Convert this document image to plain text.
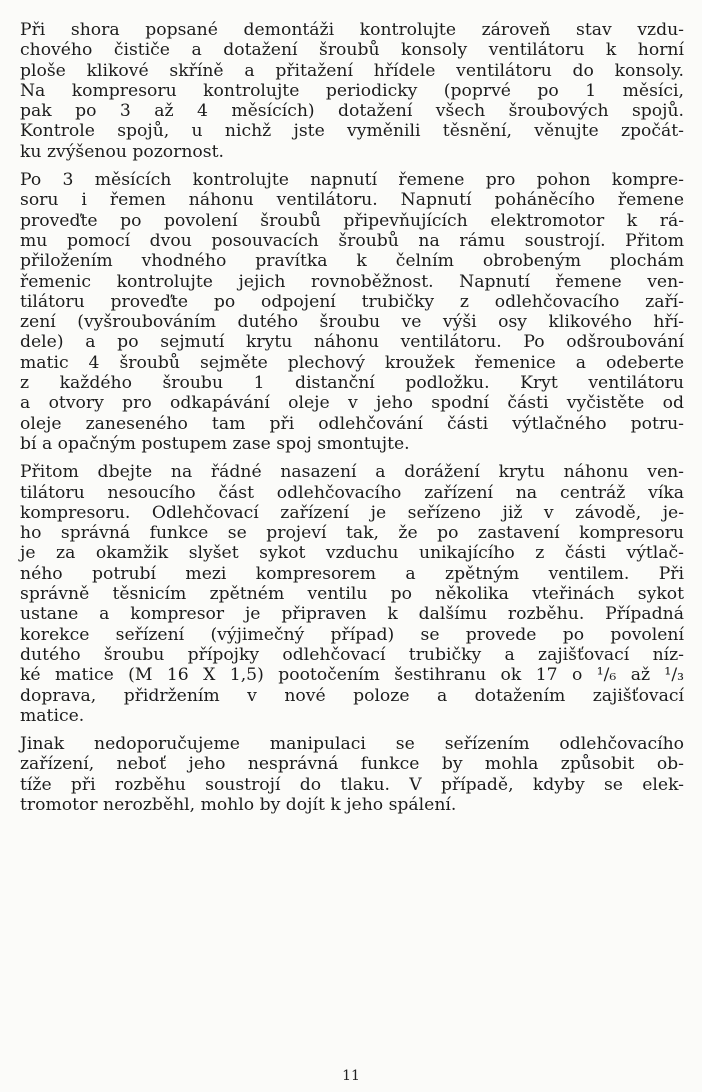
Při shora popsané demontáži kontrolujte zároveň stav vzdu-
chového čističe a dotažení šroubů konsoly ventilátoru k horní
ploše klikové skříně a přitažení hřídele ventilátoru do konsoly.
Na kompresoru kontrolujte periodicky (poprvé po 1 měsíci,
pak po 3 až 4 měsících) dotažení všech šroubových spojů.
Kontrole spojů, u nichž jste vyměnili těsnění, věnujte zpočát-
ku zvýšenou pozornost.
Po 3 měsících kontrolujte napnutí řemene pro pohon kompre-
soru i řemen náhonu ventilátoru. Napnutí poháněcího řemene
proveďte po povolení šroubů připevňujících elektromotor k rá-
mu pomocí dvou posouvacích šroubů na rámu soustrojí. Přitom
přiložením vhodného pravítka k čelním obrobeným plochám
řemenic kontrolujte jejich rovnoběžnost. Napnutí řemene ven-
tilátoru proveďte po odpojení trubičky z odlehčovacího zaří-
zení (vyšroubováním dutého šroubu ve výši osy klikového hří-
dele) a po sejmutí krytu náhonu ventilátoru. Po odšroubování
matic 4 šroubů sejměte plechový kroužek řemenice a odeberte
z každého šroubu 1 distanční podložku. Kryt ventilátoru
a otvory pro odkapávání oleje v jeho spodní části vyčistěte od
oleje zaneseného tam při odlehčování části výtlačného potru-
bí a opačným postupem zase spoj smontujte.
Přitom dbejte na řádné nasazení a dorážení krytu náhonu ven-
tilátoru nesoucího část odlehčovacího zařízení na centráž víka
kompresoru. Odlehčovací zařízení je seřízeno již v závodě, je-
ho správná funkce se projeví tak, že po zastavení kompresoru
je za okamžik slyšet sykot vzduchu unikajícího z části výtlač-
ného potrubí mezi kompresorem a zpětným ventilem. Při
správně těsnicím zpětném ventilu po několika vteřinách sykot
ustane a kompresor je připraven k dalšímu rozběhu. Případná
korekce seřízení (výjimečný případ) se provede po povolení
dutého šroubu přípojky odlehčovací trubičky a zajišťovací níz-
ké matice (M 16 X 1,5) pootočením šestihranu ok 17 o ¹/₆ až ¹/₃
doprava, přidržením v nové poloze a dotažením zajišťovací
matice.
Jinak nedoporučujeme manipulaci se seřízením odlehčovacího
zařízení, neboť jeho nesprávná funkce by mohla způsobit ob-
tíže při rozběhu soustrojí do tlaku. V případě, kdyby se elek-
tromotor nerozběhl, mohlo by dojít k jeho spálení.
11
